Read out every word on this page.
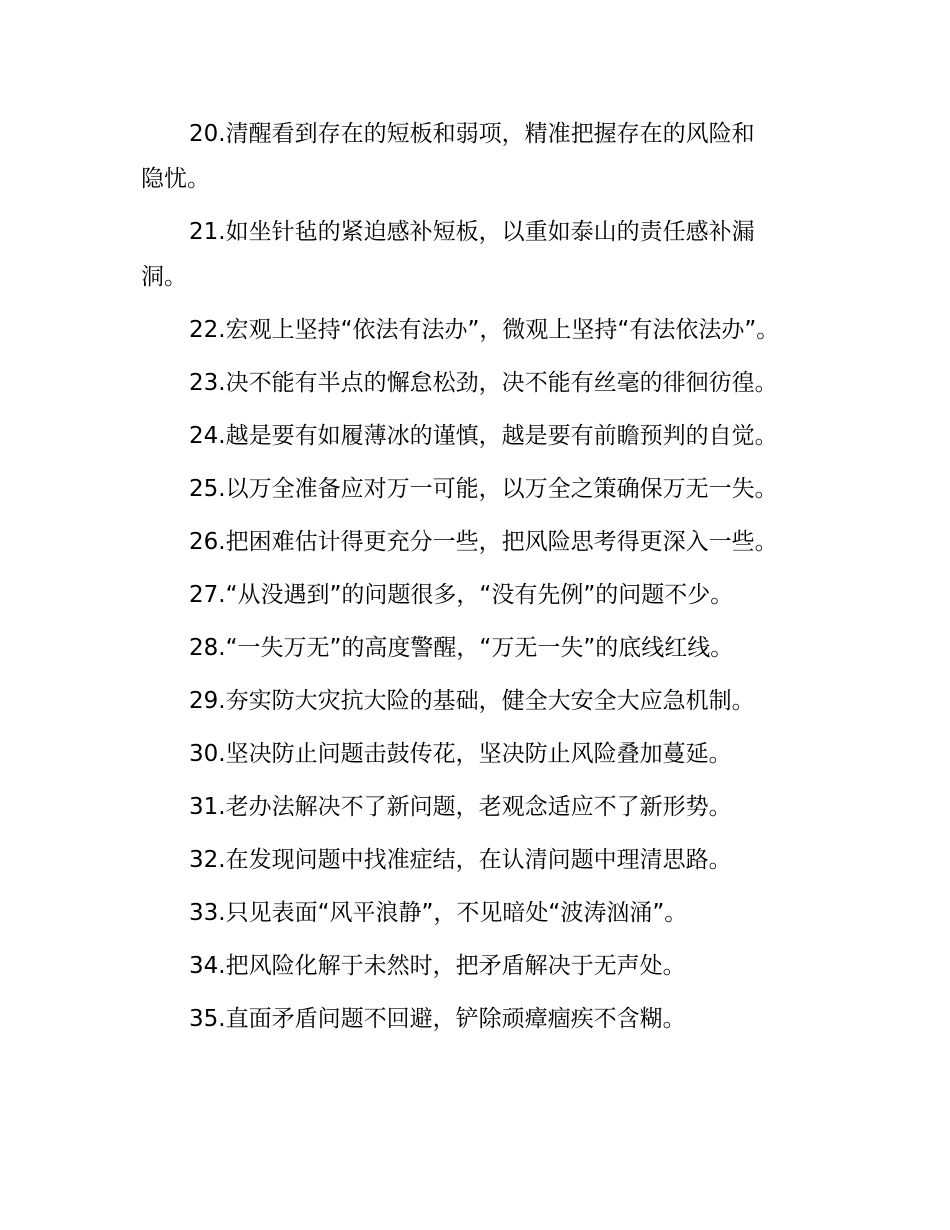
20.清醒看到存在的短板和弱项，精准把握存在的风险和
隐忧。

21.如坐针毡的紧迫感补短板，以重如泰山的责任感补漏
洞。

22.宏观上坚持“依法有法办”，微观上坚持“有法依法办”。

23.决不能有半点的懈怠松劲，决不能有丝毫的徘徊彷徨。

24.越是要有如履薄冰的谨慎，越是要有前瞻预判的自觉。

25.以万全准备应对万一可能，以万全之策确保万无一失。

26.把困难估计得更充分一些，把风险思考得更深入一些。

27.“从没遇到”的问题很多，“没有先例”的问题不少。

28.“一失万无”的高度警醒，“万无一失”的底线红线。

29.夯实防大灾抗大险的基础，健全大安全大应急机制。

30.坚决防止问题击鼓传花，坚决防止风险叠加蔓延。

31.老办法解决不了新问题，老观念适应不了新形势。

32.在发现问题中找准症结，在认清问题中理清思路。

33.只见表面“风平浪静”，不见暗处“波涛汹涌”。

34.把风险化解于未然时，把矛盾解决于无声处。

35.直面矛盾问题不回避，铲除顽瘴痼疾不含糊。
